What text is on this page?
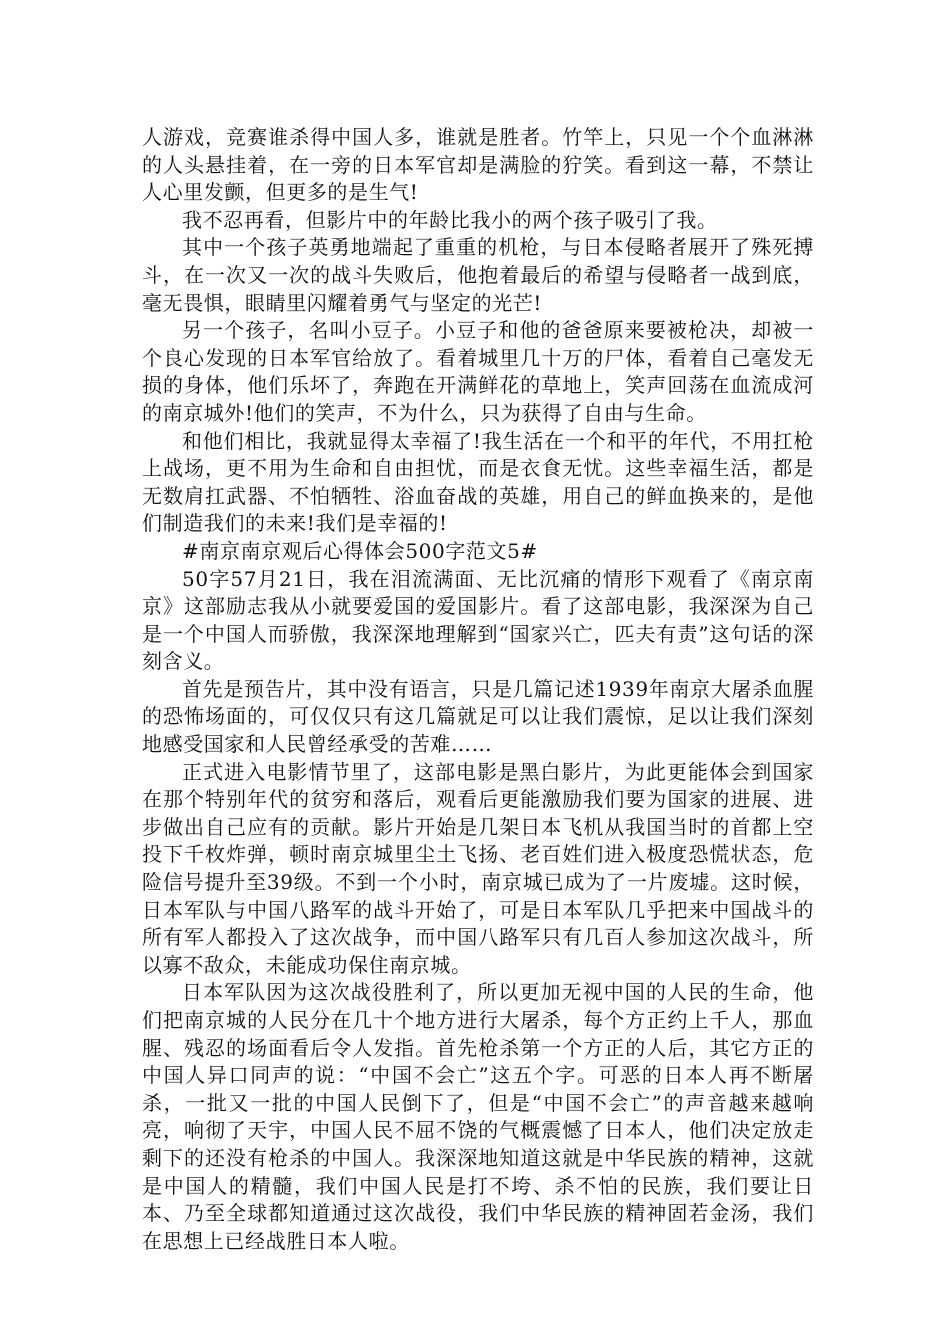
人游戏，竞赛谁杀得中国人多，谁就是胜者。竹竿上，只见一个个血淋淋的人头悬挂着，在一旁的日本军官却是满脸的狞笑。看到这一幕，不禁让人心里发颤，但更多的是生气!

我不忍再看，但影片中的年龄比我小的两个孩子吸引了我。

其中一个孩子英勇地端起了重重的机枪，与日本侵略者展开了殊死搏斗，在一次又一次的战斗失败后，他抱着最后的希望与侵略者一战到底，毫无畏惧，眼睛里闪耀着勇气与坚定的光芒!

另一个孩子，名叫小豆子。小豆子和他的爸爸原来要被枪决，却被一个良心发现的日本军官给放了。看着城里几十万的尸体，看着自己毫发无损的身体，他们乐坏了，奔跑在开满鲜花的草地上，笑声回荡在血流成河的南京城外!他们的笑声，不为什么，只为获得了自由与生命。

和他们相比，我就显得太幸福了!我生活在一个和平的年代，不用扛枪上战场，更不用为生命和自由担忧，而是衣食无忧。这些幸福生活，都是无数肩扛武器、不怕牺牲、浴血奋战的英雄，用自己的鲜血换来的，是他们制造我们的未来!我们是幸福的!

#南京南京观后心得体会500字范文5#

50字57月21日，我在泪流满面、无比沉痛的情形下观看了《南京南京》这部励志我从小就要爱国的爱国影片。看了这部电影，我深深为自己是一个中国人而骄傲，我深深地理解到“国家兴亡，匹夫有责”这句话的深刻含义。

首先是预告片，其中没有语言，只是几篇记述1939年南京大屠杀血腥的恐怖场面的，可仅仅只有这几篇就足可以让我们震惊，足以让我们深刻地感受国家和人民曾经承受的苦难……

正式进入电影情节里了，这部电影是黑白影片，为此更能体会到国家在那个特别年代的贫穷和落后，观看后更能激励我们要为国家的进展、进步做出自己应有的贡献。影片开始是几架日本飞机从我国当时的首都上空投下千枚炸弹，顿时南京城里尘土飞扬、老百姓们进入极度恐慌状态，危险信号提升至39级。不到一个小时，南京城已成为了一片废墟。这时候，日本军队与中国八路军的战斗开始了，可是日本军队几乎把来中国战斗的所有军人都投入了这次战争，而中国八路军只有几百人参加这次战斗，所以寡不敌众，未能成功保住南京城。

日本军队因为这次战役胜利了，所以更加无视中国的人民的生命，他们把南京城的人民分在几十个地方进行大屠杀，每个方正约上千人，那血腥、残忍的场面看后令人发指。首先枪杀第一个方正的人后，其它方正的中国人异口同声的说：“中国不会亡”这五个字。可恶的日本人再不断屠杀，一批又一批的中国人民倒下了，但是“中国不会亡”的声音越来越响亮，响彻了天宇，中国人民不屈不饶的气概震憾了日本人，他们决定放走剩下的还没有枪杀的中国人。我深深地知道这就是中华民族的精神，这就是中国人的精髓，我们中国人民是打不垮、杀不怕的民族，我们要让日本、乃至全球都知道通过这次战役，我们中华民族的精神固若金汤，我们在思想上已经战胜日本人啦。
